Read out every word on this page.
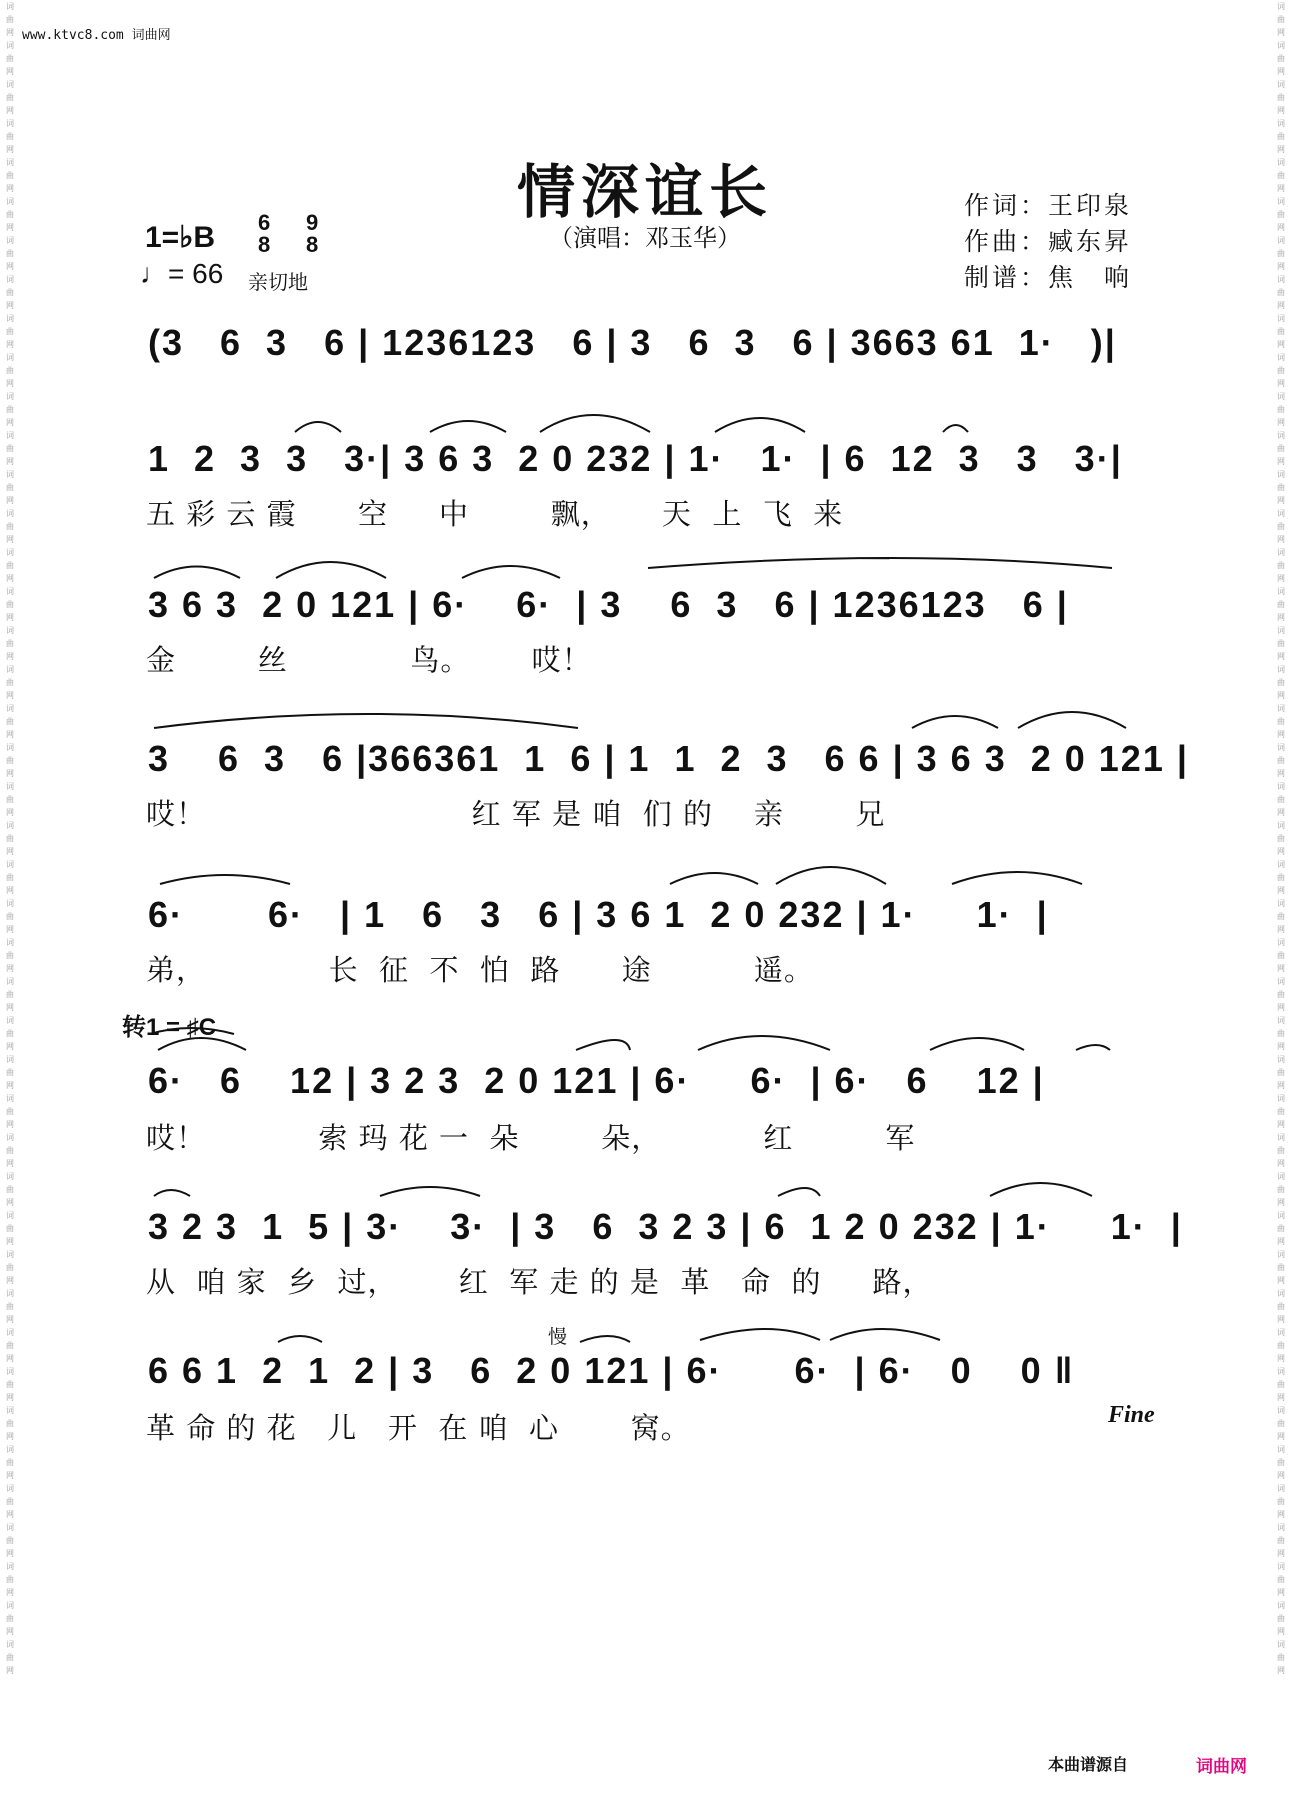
www.ktvc8.com 词曲网
词曲网词曲网词曲网词曲网词曲网词曲网词曲网词曲网词曲网词曲网词曲网词曲网词曲网词曲网词曲网词曲网词曲网词曲网词曲网词曲网词曲网词曲网词曲网词曲网词曲网词曲网词曲网词曲网词曲网词曲网词曲网词曲网词曲网词曲网词曲网词曲网词曲网词曲网词曲网词曲网词曲网词曲网词曲网
词曲网词曲网词曲网词曲网词曲网词曲网词曲网词曲网词曲网词曲网词曲网词曲网词曲网词曲网词曲网词曲网词曲网词曲网词曲网词曲网词曲网词曲网词曲网词曲网词曲网词曲网词曲网词曲网词曲网词曲网词曲网词曲网词曲网词曲网词曲网词曲网词曲网词曲网词曲网词曲网词曲网词曲网词曲网
情深谊长
（演唱：邓玉华）
作词：王印泉
作曲：臧东昇
制谱：焦　响
1=♭B 6
8
9
8
♩= 66 亲切地
(3   6  3   6 | 1236123   6 | 3   6  3   6 | 3663 61  1·   )|
1  2  3  3   3·| 3 6 3  2 0 232 | 1·   1·  | 6  12  3   3   3·|
五 彩 云 霞      空     中        飘，     天  上  飞  来
3 6 3  2 0 121 | 6·    6·  | 3    6  3   6 | 1236123   6 |
金        丝            鸟。      哎！
3    6  3   6 |366361  1  6 | 1  1  2  3   6 6 | 3 6 3  2 0 121 |
哎！                          红 军 是 咱  们 的    亲       兄
6·       6·   | 1   6   3   6 | 3 6 1  2 0 232 | 1·     1·  |
弟，            长  征  不  怕  路      途          遥。
转1 = ♯C
6·   6    12 | 3 2 3  2 0 121 | 6·     6·  | 6·   6    12 |
哎！           索 玛 花 一  朵        朵，          红         军
3 2 3  1  5 | 3·    3·  | 3   6  3 2 3 | 6  1 2 0 232 | 1·     1·  |
从  咱 家  乡  过，      红  军 走 的 是  革   命  的     路，
慢
6 6 1  2  1  2 | 3   6  2 0 121 | 6·      6·  | 6·   0    0 ‖
革 命 的 花   儿   开  在 咱  心       窝。	Fine
本曲谱源自	词曲网
